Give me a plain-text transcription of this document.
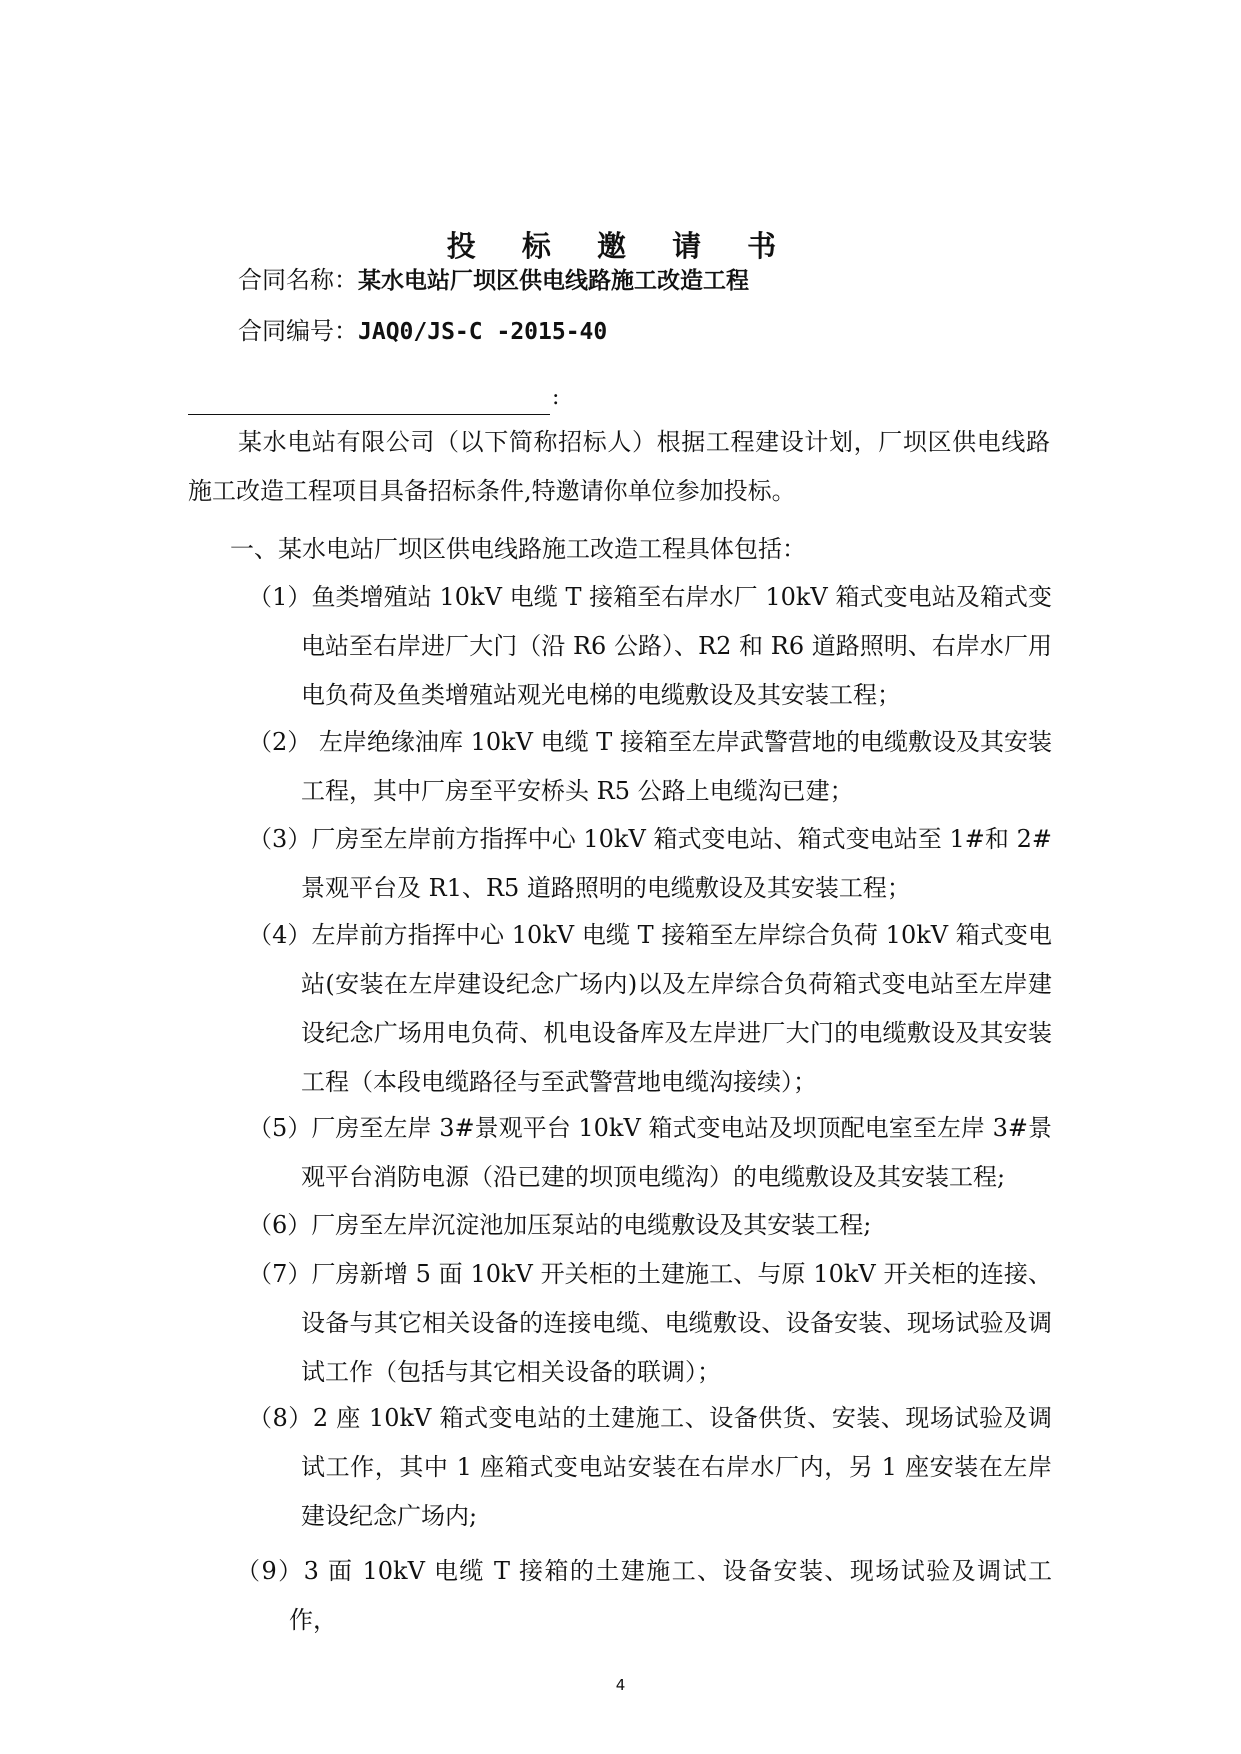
投 标 邀 请 书
合同名称：某水电站厂坝区供电线路施工改造工程
合同编号：JAQ0/JS-C -2015-40
:
某水电站有限公司（以下简称招标人）根据工程建设计划，厂坝区供电线路施工改造工程项目具备招标条件,特邀请你单位参加投标。
一、某水电站厂坝区供电线路施工改造工程具体包括：
（1）鱼类增殖站 10kV 电缆 T 接箱至右岸水厂 10kV 箱式变电站及箱式变电站至右岸进厂大门（沿 R6 公路）、R2 和 R6 道路照明、右岸水厂用电负荷及鱼类增殖站观光电梯的电缆敷设及其安装工程；
（2） 左岸绝缘油库 10kV 电缆 T 接箱至左岸武警营地的电缆敷设及其安装工程，其中厂房至平安桥头 R5 公路上电缆沟已建；
（3）厂房至左岸前方指挥中心 10kV 箱式变电站、箱式变电站至 1#和 2#景观平台及 R1、R5 道路照明的电缆敷设及其安装工程；
（4）左岸前方指挥中心 10kV 电缆 T 接箱至左岸综合负荷 10kV 箱式变电站(安装在左岸建设纪念广场内)以及左岸综合负荷箱式变电站至左岸建设纪念广场用电负荷、机电设备库及左岸进厂大门的电缆敷设及其安装工程（本段电缆路径与至武警营地电缆沟接续）；
（5）厂房至左岸 3#景观平台 10kV 箱式变电站及坝顶配电室至左岸 3#景观平台消防电源（沿已建的坝顶电缆沟）的电缆敷设及其安装工程;
（6）厂房至左岸沉淀池加压泵站的电缆敷设及其安装工程;
（7）厂房新增 5 面 10kV 开关柜的土建施工、与原 10kV 开关柜的连接、设备与其它相关设备的连接电缆、电缆敷设、设备安装、现场试验及调试工作（包括与其它相关设备的联调）；
（8）2 座 10kV 箱式变电站的土建施工、设备供货、安装、现场试验及调试工作，其中 1 座箱式变电站安装在右岸水厂内，另 1 座安装在左岸建设纪念广场内;
（9）3 面 10kV 电缆 T 接箱的土建施工、设备安装、现场试验及调试工作，
4
